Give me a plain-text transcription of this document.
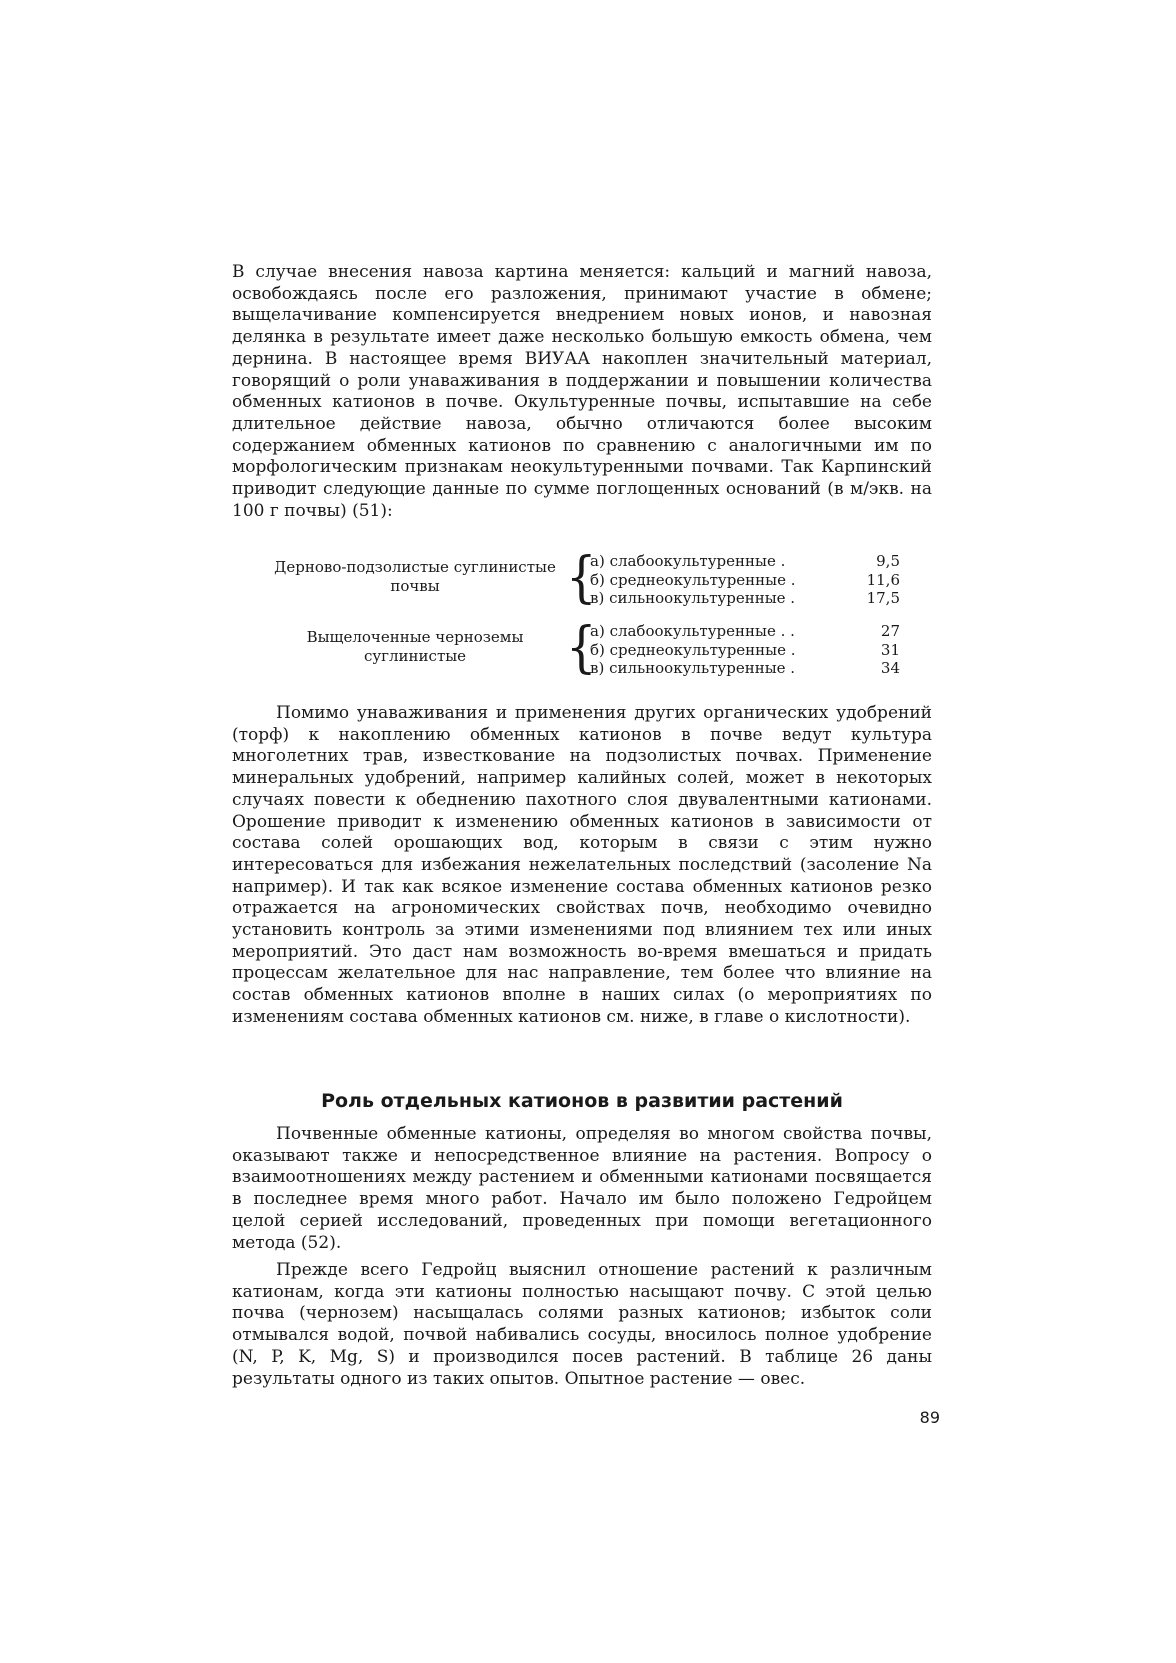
В случае внесения навоза картина меняется: кальций и магний навоза, освобождаясь после его разложения, принимают участие в обмене; выщелачивание компенсируется внедрением новых ионов, и навозная делянка в результате имеет даже несколько большую емкость обмена, чем дернина. В настоящее время ВИУАА накоплен значительный материал, говорящий о роли унаваживания в поддержании и повышении количества обменных катионов в почве. Окультуренные почвы, испытавшие на себе длительное действие навоза, обычно отличаются более высоким содержанием обменных катионов по сравнению с аналогичными им по морфологическим признакам неокультуренными почвами. Так Карпинский приводит следующие данные по сумме поглощенных оснований (в м/экв. на 100 г почвы) (51):

Дерново-подзолистые суглинистые почвы	{
а) слабоокультуренные .	9,5
б) среднеокультуренные .	11,6
в) сильноокультуренные .	17,5
Выщелоченные черноземы суглинистые	{
а) слабоокультуренные . .	27
б) среднеокультуренные .	31
в) сильноокультуренные .	34

Помимо унаваживания и применения других органических удобрений (торф) к накоплению обменных катионов в почве ведут культура многолетних трав, известкование на подзолистых почвах. Применение минеральных удобрений, например калийных солей, может в некоторых случаях повести к обеднению пахотного слоя двувалентными катионами. Орошение приводит к изменению обменных катионов в зависимости от состава солей орошающих вод, которым в связи с этим нужно интересоваться для избежания нежелательных последствий (засоление Na например). И так как всякое изменение состава обменных катионов резко отражается на агрономических свойствах почв, необходимо очевидно установить контроль за этими изменениями под влиянием тех или иных мероприятий. Это даст нам возможность во-время вмешаться и придать процессам желательное для нас направление, тем более что влияние на состав обменных катионов вполне в наших силах (о мероприятиях по изменениям состава обменных катионов см. ниже, в главе о кислотности).

Роль отдельных катионов в развитии растений

Почвенные обменные катионы, определяя во многом свойства почвы, оказывают также и непосредственное влияние на растения. Вопросу о взаимоотношениях между растением и обменными катионами посвящается в последнее время много работ. Начало им было положено Гедройцем целой серией исследований, проведенных при помощи вегетационного метода (52).

Прежде всего Гедройц выяснил отношение растений к различным катионам, когда эти катионы полностью насыщают почву. С этой целью почва (чернозем) насыщалась солями разных катионов; избыток соли отмывался водой, почвой набивались сосуды, вносилось полное удобрение (N, P, K, Mg, S) и производился посев растений. В таблице 26 даны результаты одного из таких опытов. Опытное растение — овес.

89
